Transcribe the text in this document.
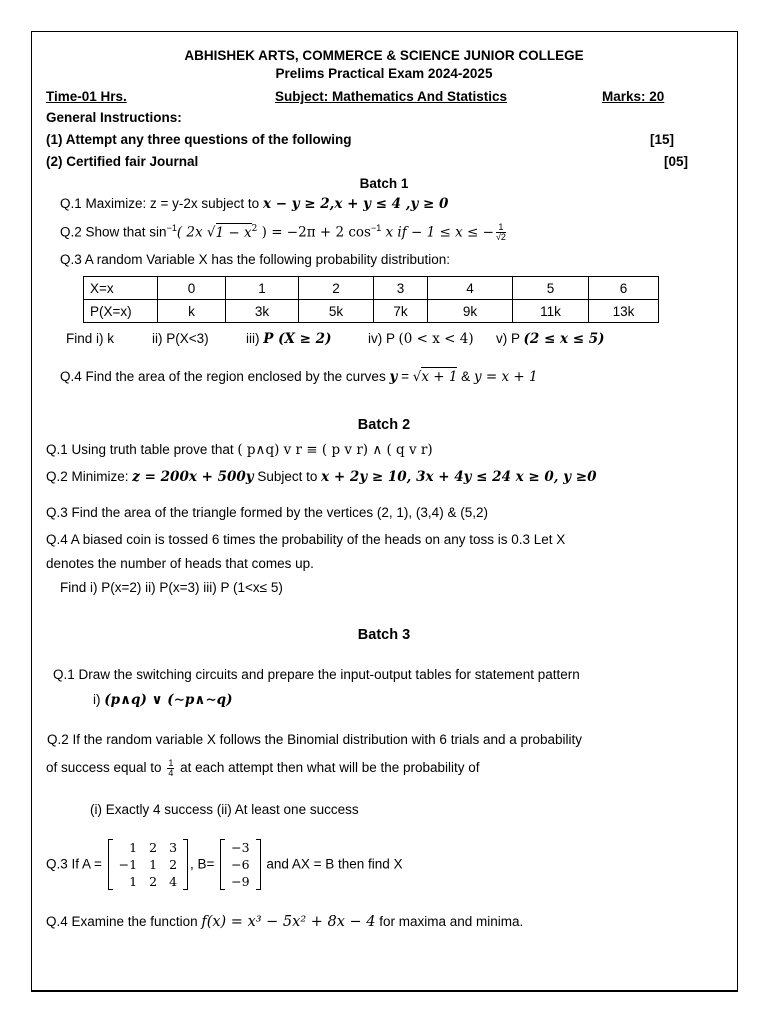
ABHISHEK ARTS, COMMERCE & SCIENCE JUNIOR COLLEGE
Prelims Practical Exam 2024-2025
Time-01 Hrs.	Subject: Mathematics And Statistics	Marks: 20
General Instructions:
(1) Attempt any three questions of the following	[15]
(2) Certified fair Journal	[05]
Batch 1
Q.1 Maximize: z = y-2x subject to x − y ≥ 2,x + y ≤ 4 ,y ≥ 0
Q.2 Show that $\sin^{-1}$( 2x $√1 - x^2$ ) = −2π + 2 $\cos^{-1} x$ if − 1 ≤ x ≤ − $\frac{1}{√2}$
Q.3 A random Variable X has the following probability distribution:
X=x	0	1	2	3	4	5	6
P(X=x)	k	3k	5k	7k	9k	11k	13k
Find i) k	ii) P(X<3)	iii) P (X ≥ 2)	iv) P (0 < x < 4) v) P (2 ≤ x ≤ 5)
Q.4 Find the area of the region enclosed by the curves y = √x + 1 & y = x + 1
Batch 2
Q.1 Using truth table prove that ( p∧q) v r ≡ ( p v r) ∧ ( q v r)
Q.2 Minimize: z = 200x + 500y Subject to x + 2y ≥ 10, 3x + 4y ≤ 24 x ≥ 0, y ≥0
Q.3 Find the area of the triangle formed by the vertices (2, 1), (3,4) & (5,2)
Q.4 A biased coin is tossed 6 times the probability of the heads on any toss is 0.3 Let X
denotes the number of heads that comes up.
Find i) P(x=2) ii) P(x=3) iii) P (1<x≤ 5)
Batch 3
Q.1 Draw the switching circuits and prepare the input-output tables for statement pattern
i) (p∧q) ∨ (∼p∧∼q)
Q.2 If the random variable X follows the Binomial distribution with 6 trials and a probability
of success equal to $\frac{1}{4}$ at each attempt then what will be the probability of
(i) Exactly 4 success (ii) At least one success
Q.3 If A =
1	2	3
−1	1	2
1	2	4
, B=
−3
−6
−9
and AX = B then find X
Q.4 Examine the function f(x) = x³ − 5x² + 8x − 4 for maxima and minima.
